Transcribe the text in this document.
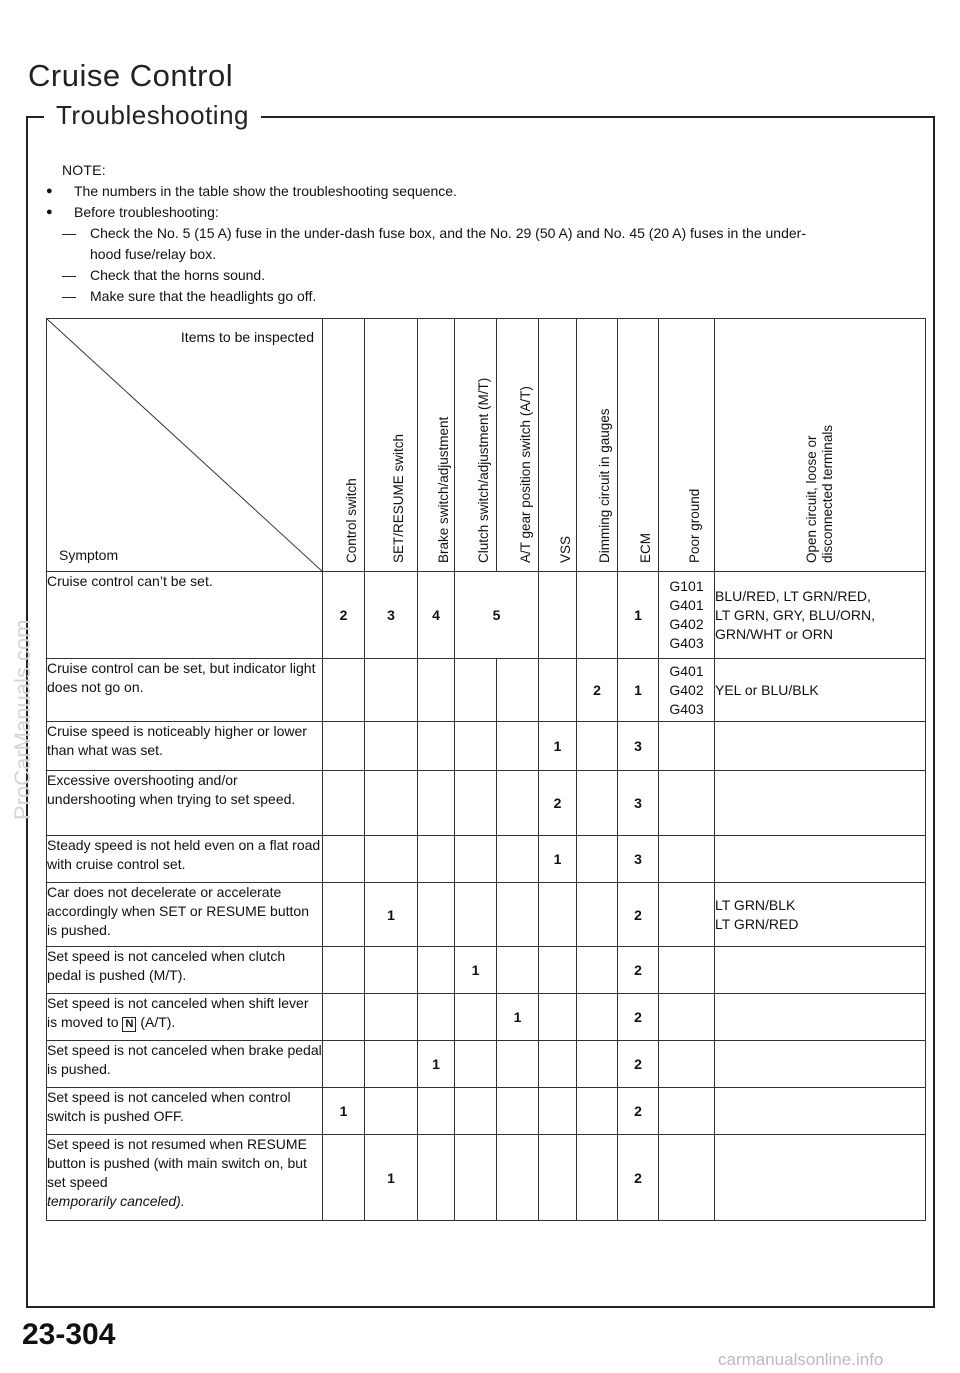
Cruise Control
Troubleshooting
NOTE:
● The numbers in the table show the troubleshooting sequence.
● Before troubleshooting:
— Check the No. 5 (15 A) fuse in the under-dash fuse box, and the No. 29 (50 A) and No. 45 (20 A) fuses in the under-
hood fuse/relay box.
— Check that the horns sound.
— Make sure that the headlights go off.
Items to be inspected
Symptom	Control switch	SET/RESUME switch	Brake switch/adjustment	Clutch switch/adjustment (M/T)	A/T gear position switch (A/T)	VSS	Dimming circuit in gauges	ECM	Poor ground	Open circuit, loose or
disconnected terminals

Cruise control can’t be set.	2	3	4	5				1	G101
G401
G402
G403	BLU/RED, LT GRN/RED,
LT GRN, GRY, BLU/ORN,
GRN/WHT or ORN
Cruise control can be set, but indicator light does not go on.							2	1	G401
G402
G403	YEL or BLU/BLK
Cruise speed is noticeably higher or lower than what was set.						1		3		
Excessive overshooting and/or undershooting when trying to set speed.						2		3		
Steady speed is not held even on a flat road with cruise control set.						1		3		
Car does not decelerate or accelerate accordingly when SET or RESUME button is pushed.		1						2		LT GRN/BLK
LT GRN/RED
Set speed is not canceled when clutch pedal is pushed (M/T).				1				2		
Set speed is not canceled when shift lever is moved to N (A/T).					1			2		
Set speed is not canceled when brake pedal is pushed.			1					2		
Set speed is not canceled when control switch is pushed OFF.	1							2		
Set speed is not resumed when RESUME button is pushed (with main switch on, but set speed
temporarily canceled).		1						2		
ProCarManuals.com
23-304
carmanualsonline.info
